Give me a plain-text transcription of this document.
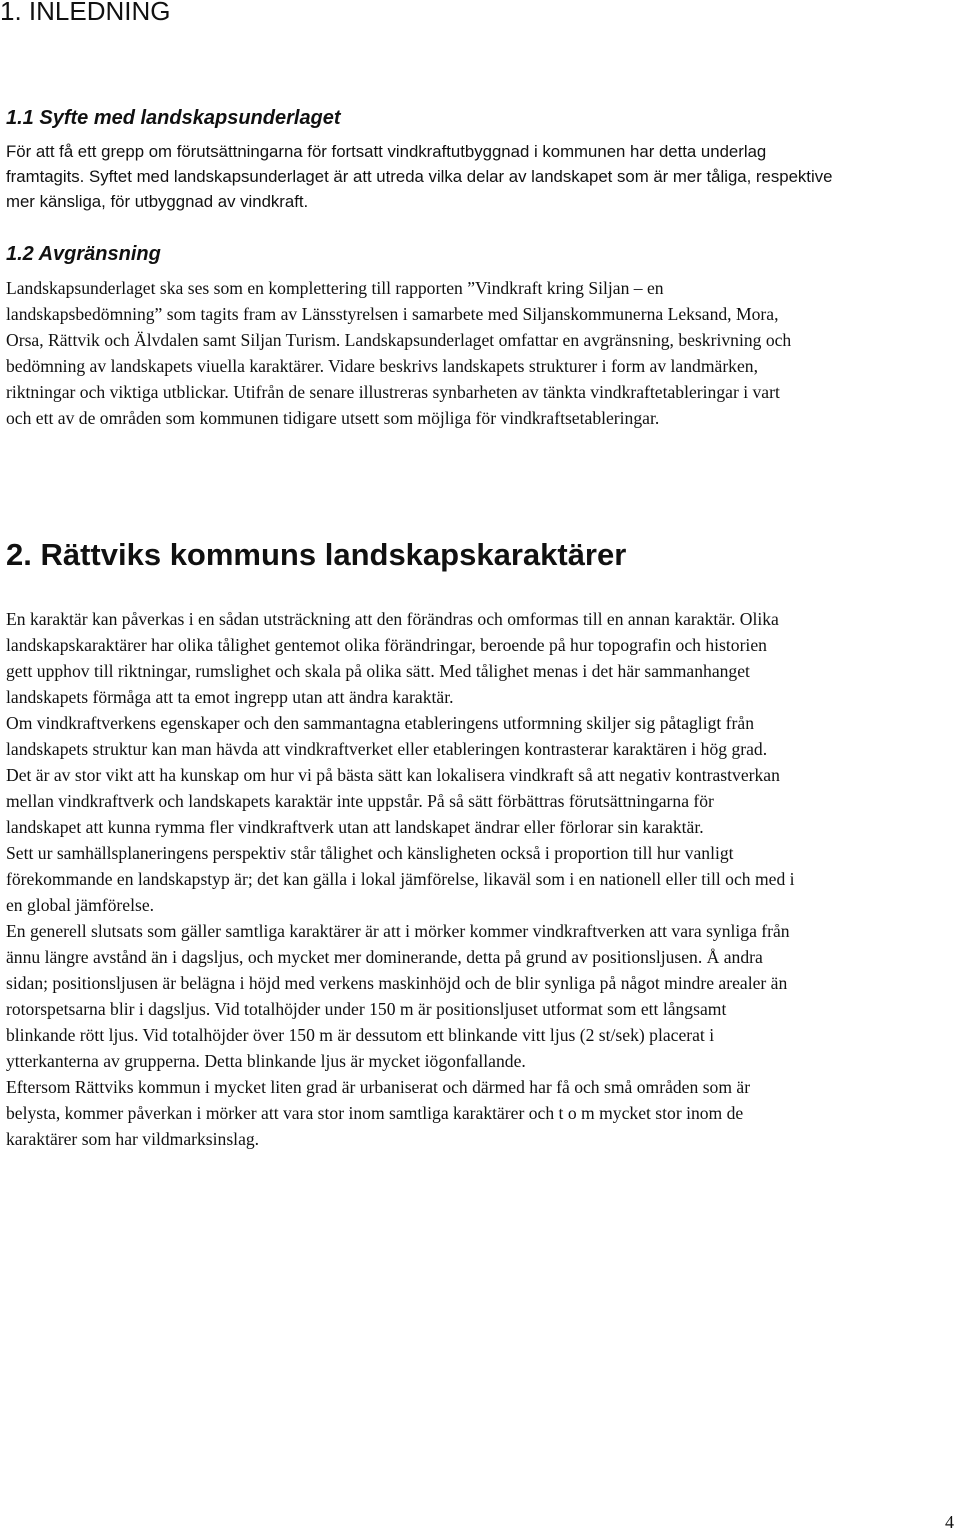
1. INLEDNING
1.1 Syfte med landskapsunderlaget
För att få ett grepp om förutsättningarna för fortsatt vindkraftutbyggnad i kommunen har detta underlag
framtagits. Syftet med landskapsunderlaget är att utreda vilka delar av landskapet som är mer tåliga, respektive
mer känsliga, för utbyggnad av vindkraft.
1.2 Avgränsning
Landskapsunderlaget ska ses som en komplettering till rapporten ”Vindkraft kring Siljan – en
landskapsbedömning” som tagits fram av Länsstyrelsen i samarbete med Siljanskommunerna Leksand, Mora,
Orsa, Rättvik och Älvdalen samt Siljan Turism. Landskapsunderlaget omfattar en avgränsning, beskrivning och
bedömning av landskapets viuella karaktärer. Vidare beskrivs landskapets strukturer i form av landmärken,
riktningar och viktiga utblickar. Utifrån de senare illustreras synbarheten av tänkta vindkraftetableringar i vart
och ett av de områden som kommunen tidigare utsett som möjliga för vindkraftsetableringar.
2. Rättviks kommuns landskapskaraktärer
En karaktär kan påverkas i en sådan utsträckning att den förändras och omformas till en annan karaktär. Olika
landskapskaraktärer har olika tålighet gentemot olika förändringar, beroende på hur topografin och historien
gett upphov till riktningar, rumslighet och skala på olika sätt. Med tålighet menas i det här sammanhanget
landskapets förmåga att ta emot ingrepp utan att ändra karaktär.
Om vindkraftverkens egenskaper och den sammantagna etableringens utformning skiljer sig påtagligt från
landskapets struktur kan man hävda att vindkraftverket eller etableringen kontrasterar karaktären i hög grad.
Det är av stor vikt att ha kunskap om hur vi på bästa sätt kan lokalisera vindkraft så att negativ kontrastverkan
mellan vindkraftverk och landskapets karaktär inte uppstår. På så sätt förbättras förutsättningarna för
landskapet att kunna rymma fler vindkraftverk utan att landskapet ändrar eller förlorar sin karaktär.
Sett ur samhällsplaneringens perspektiv står tålighet och känsligheten också i proportion till hur vanligt
förekommande en landskapstyp är; det kan gälla i lokal jämförelse, likaväl som i en nationell eller till och med i
en global jämförelse.
En generell slutsats som gäller samtliga karaktärer är att i mörker kommer vindkraftverken att vara synliga från
ännu längre avstånd än i dagsljus, och mycket mer dominerande, detta på grund av positionsljusen. Å andra
sidan; positionsljusen är belägna i höjd med verkens maskinhöjd och de blir synliga på något mindre arealer än
rotorspetsarna blir i dagsljus. Vid totalhöjder under 150 m är positionsljuset utformat som ett långsamt
blinkande rött ljus. Vid totalhöjder över 150 m är dessutom ett blinkande vitt ljus (2 st/sek) placerat i
ytterkanterna av grupperna. Detta blinkande ljus är mycket iögonfallande.
Eftersom Rättviks kommun i mycket liten grad är urbaniserat och därmed har få och små områden som är
belysta, kommer påverkan i mörker att vara stor inom samtliga karaktärer och t o m mycket stor inom de
karaktärer som har vildmarksinslag.
4
